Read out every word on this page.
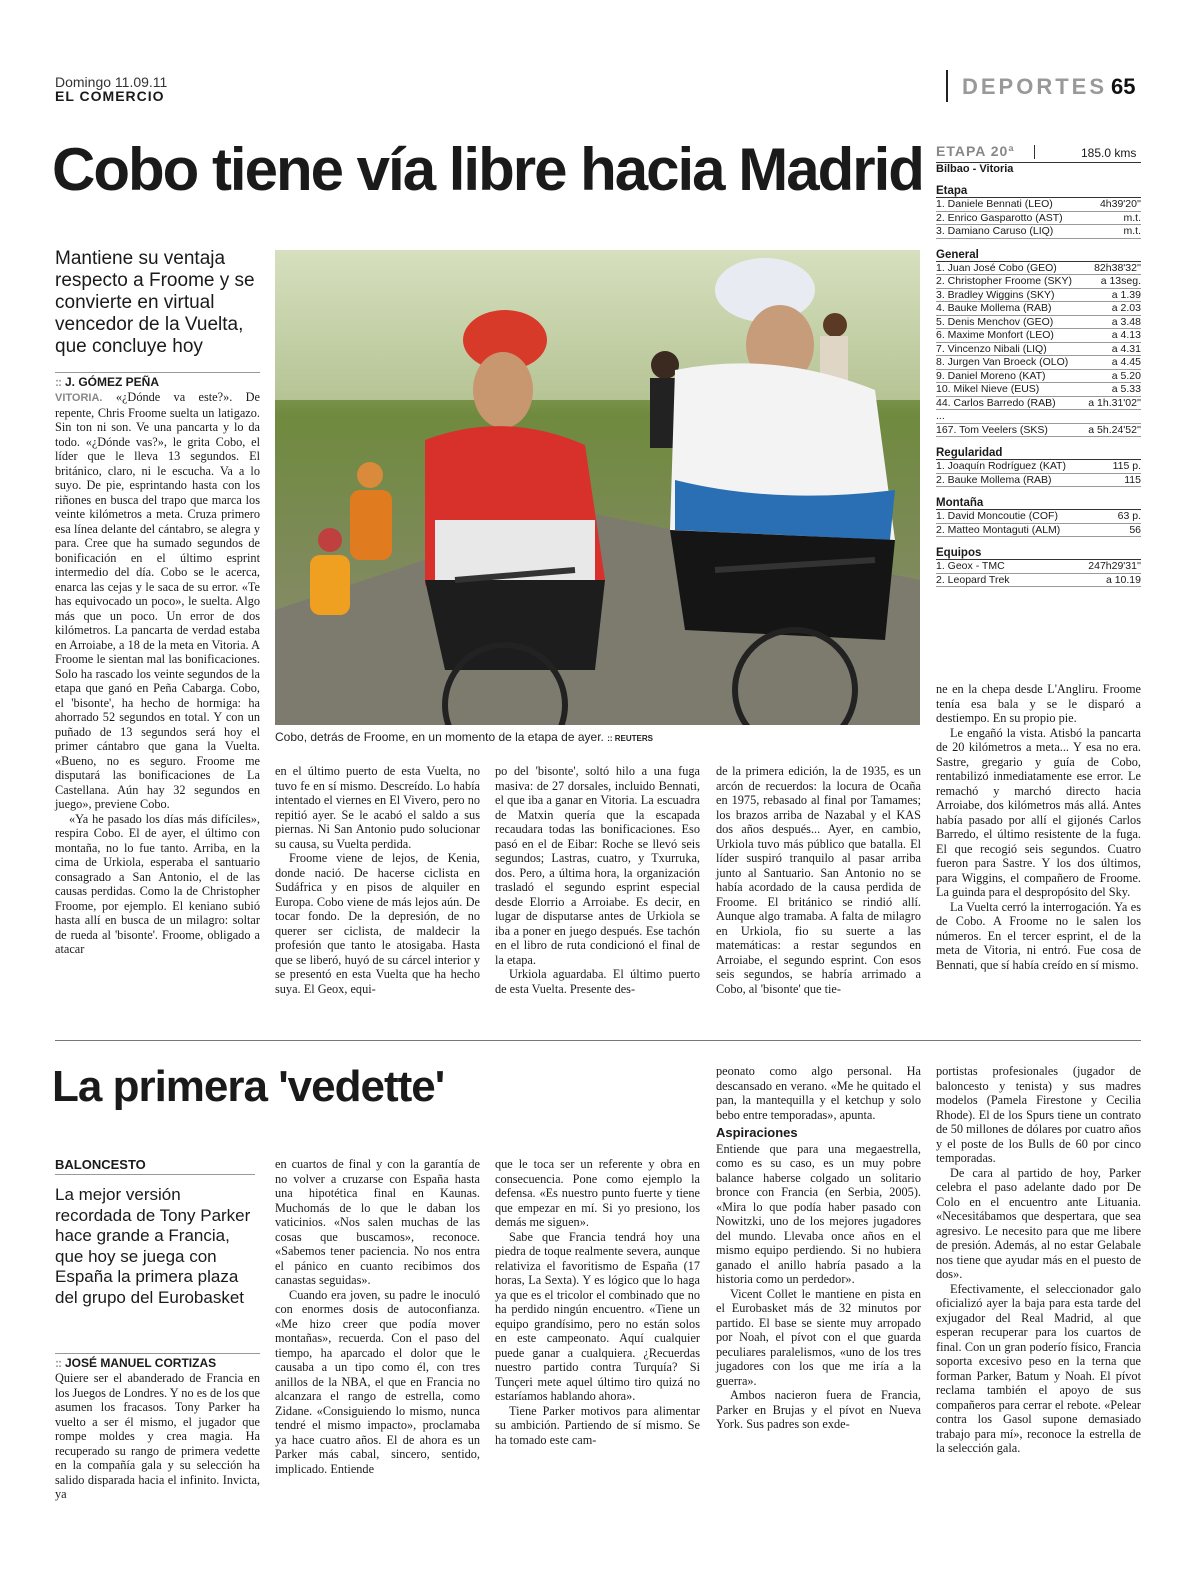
Domingo 11.09.11
EL COMERCIO	DEPORTES 65
Cobo tiene vía libre hacia Madrid
Mantiene su ventaja respecto a Froome y se convierte en virtual vencedor de la Vuelta, que concluye hoy
:: J. GÓMEZ PEÑA

VITORIA. «¿Dónde va este?». De repente, Chris Froome suelta un latigazo. Sin ton ni son. Ve una pancarta y lo da todo. «¿Dónde vas?», le grita Cobo, el líder que le lleva 13 segundos. El británico, claro, ni le escucha. Va a lo suyo. De pie, esprintando hasta con los riñones en busca del trapo que marca los veinte kilómetros a meta. Cruza primero esa línea delante del cántabro, se alegra y para. Cree que ha sumado segundos de bonificación en el último esprint intermedio del día. Cobo se le acerca, enarca las cejas y le saca de su error. «Te has equivocado un poco», le suelta. Algo más que un poco. Un error de dos kilómetros. La pancarta de verdad estaba en Arroiabe, a 18 de la meta en Vitoria. A Froome le sientan mal las bonificaciones. Solo ha rascado los veinte segundos de la etapa que ganó en Peña Cabarga. Cobo, el 'bisonte', ha hecho de hormiga: ha ahorrado 52 segundos en total. Y con un puñado de 13 segundos será hoy el primer cántabro que gana la Vuelta. «Bueno, no es seguro. Froome me disputará las bonificaciones de La Castellana. Aún hay 32 segundos en juego», previene Cobo.

«Ya he pasado los días más difíciles», respira Cobo. El de ayer, el último con montaña, no lo fue tanto. Arriba, en la cima de Urkiola, esperaba el santuario consagrado a San Antonio, el de las causas perdidas. Como la de Christopher Froome, por ejemplo. El keniano subió hasta allí en busca de un milagro: soltar de rueda al 'bisonte'. Froome, obligado a atacar

Cobo, detrás de Froome, en un momento de la etapa de ayer. :: REUTERS

en el último puerto de esta Vuelta, no tuvo fe en sí mismo. Descreído. Lo había intentado el viernes en El Vivero, pero no repitió ayer. Se le acabó el saldo a sus piernas. Ni San Antonio pudo solucionar su causa, su Vuelta perdida.

Froome viene de lejos, de Kenia, donde nació. De hacerse ciclista en Sudáfrica y en pisos de alquiler en Europa. Cobo viene de más lejos aún. De tocar fondo. De la depresión, de no querer ser ciclista, de maldecir la profesión que tanto le atosigaba. Hasta que se liberó, huyó de su cárcel interior y se presentó en esta Vuelta que ha hecho suya. El Geox, equi-

po del 'bisonte', soltó hilo a una fuga masiva: de 27 dorsales, incluido Bennati, el que iba a ganar en Vitoria. La escuadra de Matxin quería que la escapada recaudara todas las bonificaciones. Eso pasó en el de Eibar: Roche se llevó seis segundos; Lastras, cuatro, y Txurruka, dos. Pero, a última hora, la organización trasladó el segundo esprint especial desde Elorrio a Arroiabe. Es decir, en lugar de disputarse antes de Urkiola se iba a poner en juego después. Ese tachón en el libro de ruta condicionó el final de la etapa.

Urkiola aguardaba. El último puerto de esta Vuelta. Presente des-

de la primera edición, la de 1935, es un arcón de recuerdos: la locura de Ocaña en 1975, rebasado al final por Tamames; los brazos arriba de Nazabal y el KAS dos años después... Ayer, en cambio, Urkiola tuvo más público que batalla. El líder suspiró tranquilo al pasar arriba junto al Santuario. San Antonio no se había acordado de la causa perdida de Froome. El británico se rindió allí. Aunque algo tramaba. A falta de milagro en Urkiola, fio su suerte a las matemáticas: a restar segundos en Arroiabe, el segundo esprint. Con esos seis segundos, se habría arrimado a Cobo, al 'bisonte' que tie-

ne en la chepa desde L'Angliru. Froome tenía esa bala y se le disparó a destiempo. En su propio pie.

Le engañó la vista. Atisbó la pancarta de 20 kilómetros a meta... Y esa no era. Sastre, gregario y guía de Cobo, rentabilizó inmediatamente ese error. Le remachó y marchó directo hacia Arroiabe, dos kilómetros más allá. Antes había pasado por allí el gijonés Carlos Barredo, el último resistente de la fuga. El que recogió seis segundos. Cuatro fueron para Sastre. Y los dos últimos, para Wiggins, el compañero de Froome. La guinda para el despropósito del Sky.

La Vuelta cerró la interrogación. Ya es de Cobo. A Froome no le salen los números. En el tercer esprint, el de la meta de Vitoria, ni entró. Fue cosa de Bennati, que sí había creído en sí mismo.

ETAPA 20ª	185.0 kms
Bilbao - Vitoria
Etapa
1. Daniele Bennati (LEO)	4h39'20''
2. Enrico Gasparotto (AST)	m.t.
3. Damiano Caruso (LIQ)	m.t.
General
1. Juan José Cobo (GEO)	82h38'32''
2. Christopher Froome (SKY)	a 13seg.
3. Bradley Wiggins (SKY)	a 1.39
4. Bauke Mollema (RAB)	a 2.03
5. Denis Menchov (GEO)	a 3.48
6. Maxime Monfort (LEO)	a 4.13
7. Vincenzo Nibali (LIQ)	a 4.31
8. Jurgen Van Broeck (OLO)	a 4.45
9. Daniel Moreno (KAT)	a 5.20
10. Mikel Nieve (EUS)	a 5.33
44. Carlos Barredo (RAB)	a 1h.31'02''
...
167. Tom Veelers (SKS)	a 5h.24'52''
Regularidad
1. Joaquín Rodríguez (KAT)	115 p.
2. Bauke Mollema (RAB)	115
Montaña
1. David Moncoutie (COF)	63 p.
2. Matteo Montaguti (ALM)	56
Equipos
1. Geox - TMC	247h29'31''
2. Leopard Trek	a 10.19
La primera 'vedette'
BALONCESTO
La mejor versión recordada de Tony Parker hace grande a Francia, que hoy se juega con España la primera plaza del grupo del Eurobasket
:: JOSÉ MANUEL CORTIZAS

Quiere ser el abanderado de Francia en los Juegos de Londres. Y no es de los que asumen los fracasos. Tony Parker ha vuelto a ser él mismo, el jugador que rompe moldes y crea magia. Ha recuperado su rango de primera vedette en la compañía gala y su selección ha salido disparada hacia el infinito. Invicta, ya

en cuartos de final y con la garantía de no volver a cruzarse con España hasta una hipotética final en Kaunas. Muchomás de lo que le daban los vaticinios. «Nos salen muchas de las cosas que buscamos», reconoce. «Sabemos tener paciencia. No nos entra el pánico en cuanto recibimos dos canastas seguidas».

Cuando era joven, su padre le inoculó con enormes dosis de autoconfianza. «Me hizo creer que podía mover montañas», recuerda. Con el paso del tiempo, ha aparcado el dolor que le causaba a un tipo como él, con tres anillos de la NBA, el que en Francia no alcanzara el rango de estrella, como Zidane. «Consiguiendo lo mismo, nunca tendré el mismo impacto», proclamaba ya hace cuatro años. El de ahora es un Parker más cabal, sincero, sentido, implicado. Entiende

que le toca ser un referente y obra en consecuencia. Pone como ejemplo la defensa. «Es nuestro punto fuerte y tiene que empezar en mí. Si yo presiono, los demás me siguen».

Sabe que Francia tendrá hoy una piedra de toque realmente severa, aunque relativiza el favoritismo de España (17 horas, La Sexta). Y es lógico que lo haga ya que es el tricolor el combinado que no ha perdido ningún encuentro. «Tiene un equipo grandísimo, pero no están solos en este campeonato. Aquí cualquier puede ganar a cualquiera. ¿Recuerdas nuestro partido contra Turquía? Si Tunçeri mete aquel último tiro quizá no estaríamos hablando ahora».

Tiene Parker motivos para alimentar su ambición. Partiendo de sí mismo. Se ha tomado este cam-

peonato como algo personal. Ha descansado en verano. «Me he quitado el pan, la mantequilla y el ketchup y solo bebo entre temporadas», apunta.

Aspiraciones

Entiende que para una megaestrella, como es su caso, es un muy pobre balance haberse colgado un solitario bronce con Francia (en Serbia, 2005). «Mira lo que podía haber pasado con Nowitzki, uno de los mejores jugadores del mundo. Llevaba once años en el mismo equipo perdiendo. Si no hubiera ganado el anillo habría pasado a la historia como un perdedor».

Vicent Collet le mantiene en pista en el Eurobasket más de 32 minutos por partido. El base se siente muy arropado por Noah, el pívot con el que guarda peculiares paralelismos, «uno de los tres jugadores con los que me iría a la guerra».

Ambos nacieron fuera de Francia, Parker en Brujas y el pívot en Nueva York. Sus padres son exde-

portistas profesionales (jugador de baloncesto y tenista) y sus madres modelos (Pamela Firestone y Cecilia Rhode). El de los Spurs tiene un contrato de 50 millones de dólares por cuatro años y el poste de los Bulls de 60 por cinco temporadas.

De cara al partido de hoy, Parker celebra el paso adelante dado por De Colo en el encuentro ante Lituania. «Necesitábamos que despertara, que sea agresivo. Le necesito para que me libere de presión. Además, al no estar Gelabale nos tiene que ayudar más en el puesto de dos».

Efectivamente, el seleccionador galo oficializó ayer la baja para esta tarde del exjugador del Real Madrid, al que esperan recuperar para los cuartos de final. Con un gran poderío físico, Francia soporta excesivo peso en la terna que forman Parker, Batum y Noah. El pívot reclama también el apoyo de sus compañeros para cerrar el rebote. «Pelear contra los Gasol supone demasiado trabajo para mí», reconoce la estrella de la selección gala.
